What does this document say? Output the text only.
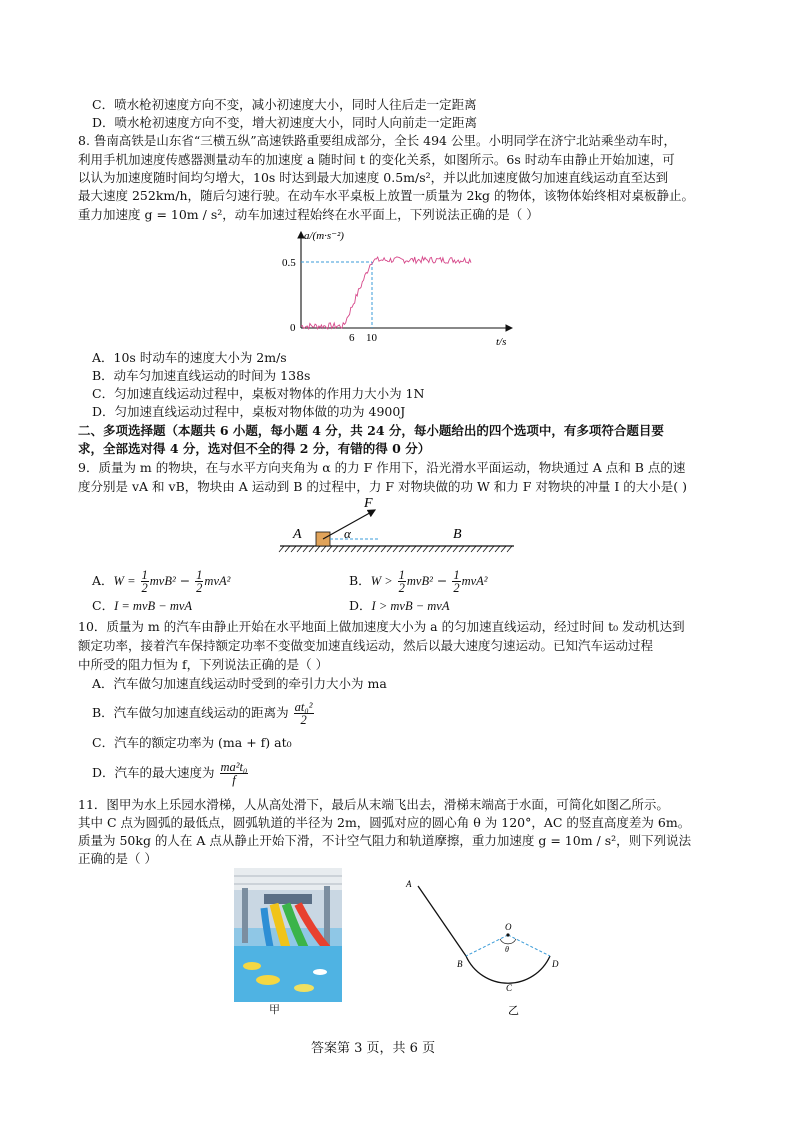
C．喷水枪初速度方向不变，减小初速度大小，同时人往后走一定距离
D．喷水枪初速度方向不变，增大初速度大小，同时人向前走一定距离
8. 鲁南高铁是山东省“三横五纵”高速铁路重要组成部分，全长 494 公里。小明同学在济宁北站乘坐动车时，
利用手机加速度传感器测量动车的加速度 a 随时间 t 的变化关系，如图所示。6s 时动车由静止开始加速，可
以认为加速度随时间均匀增大，10s 时达到最大加速度 0.5m/s²，并以此加速度做匀加速直线运动直至达到
最大速度 252km/h，随后匀速行驶。在动车水平桌板上放置一质量为 2kg 的物体，该物体始终相对桌板静止。
重力加速度 g = 10m / s²，动车加速过程始终在水平面上，下列说法正确的是（ ）
a/(m·s⁻²)
0.5
0
6 10	t/s
A．10s 时动车的速度大小为 2m/s
B．动车匀加速直线运动的时间为 138s
C．匀加速直线运动过程中，桌板对物体的作用力大小为 1N
D．匀加速直线运动过程中，桌板对物体做的功为 4900J
二、多项选择题（本题共 6 小题，每小题 4 分，共 24 分，每小题给出的四个选项中，有多项符合题目要
求，全部选对得 4 分，选对但不全的得 2 分，有错的得 0 分）
9．质量为 m 的物块，在与水平方向夹角为 α 的力 F 作用下，沿光滑水平面运动，物块通过 A 点和 B 点的速
度分别是 vA 和 vB，物块由 A 运动到 B 的过程中，力 F 对物块做的功 W 和力 F 对物块的冲量 I 的大小是( )
F
A	B
α
A．$W = \frac{1}{2} mvB^2 - \frac{1}{2} mvA^2$	B．$W > \frac{1}{2} mvB^2 - \frac{1}{2} mvA^2$
C．I = mvB − mvA	D．I > mvB − mvA
10．质量为 m 的汽车由静止开始在水平地面上做加速度大小为 a 的匀加速直线运动，经过时间 t₀ 发动机达到
额定功率，接着汽车保持额定功率不变做变加速直线运动，然后以最大速度匀速运动。已知汽车运动过程
中所受的阻力恒为 f，下列说法正确的是（ ）
A．汽车做匀加速直线运动时受到的牵引力大小为 ma
B．汽车做匀加速直线运动的距离为 $\frac{\text{at₀²}}{2}$
C．汽车的额定功率为 (ma + f) at₀
D．汽车的最大速度为 $\frac{\text{ma²t₀}}{f}$
11．图甲为水上乐园水滑梯，人从高处滑下，最后从末端飞出去，滑梯末端高于水面，可简化如图乙所示。
其中 C 点为圆弧的最低点，圆弧轨道的半径为 2m，圆弧对应的圆心角 θ 为 120°，AC 的竖直高度差为 6m。
质量为 50kg 的人在 A 点从静止开始下滑，不计空气阻力和轨道摩擦，重力加速度 g = 10m / s²，则下列说法
正确的是（ ）
甲
A
B
C
D
O
θ
乙
答案第 3 页，共 6 页
